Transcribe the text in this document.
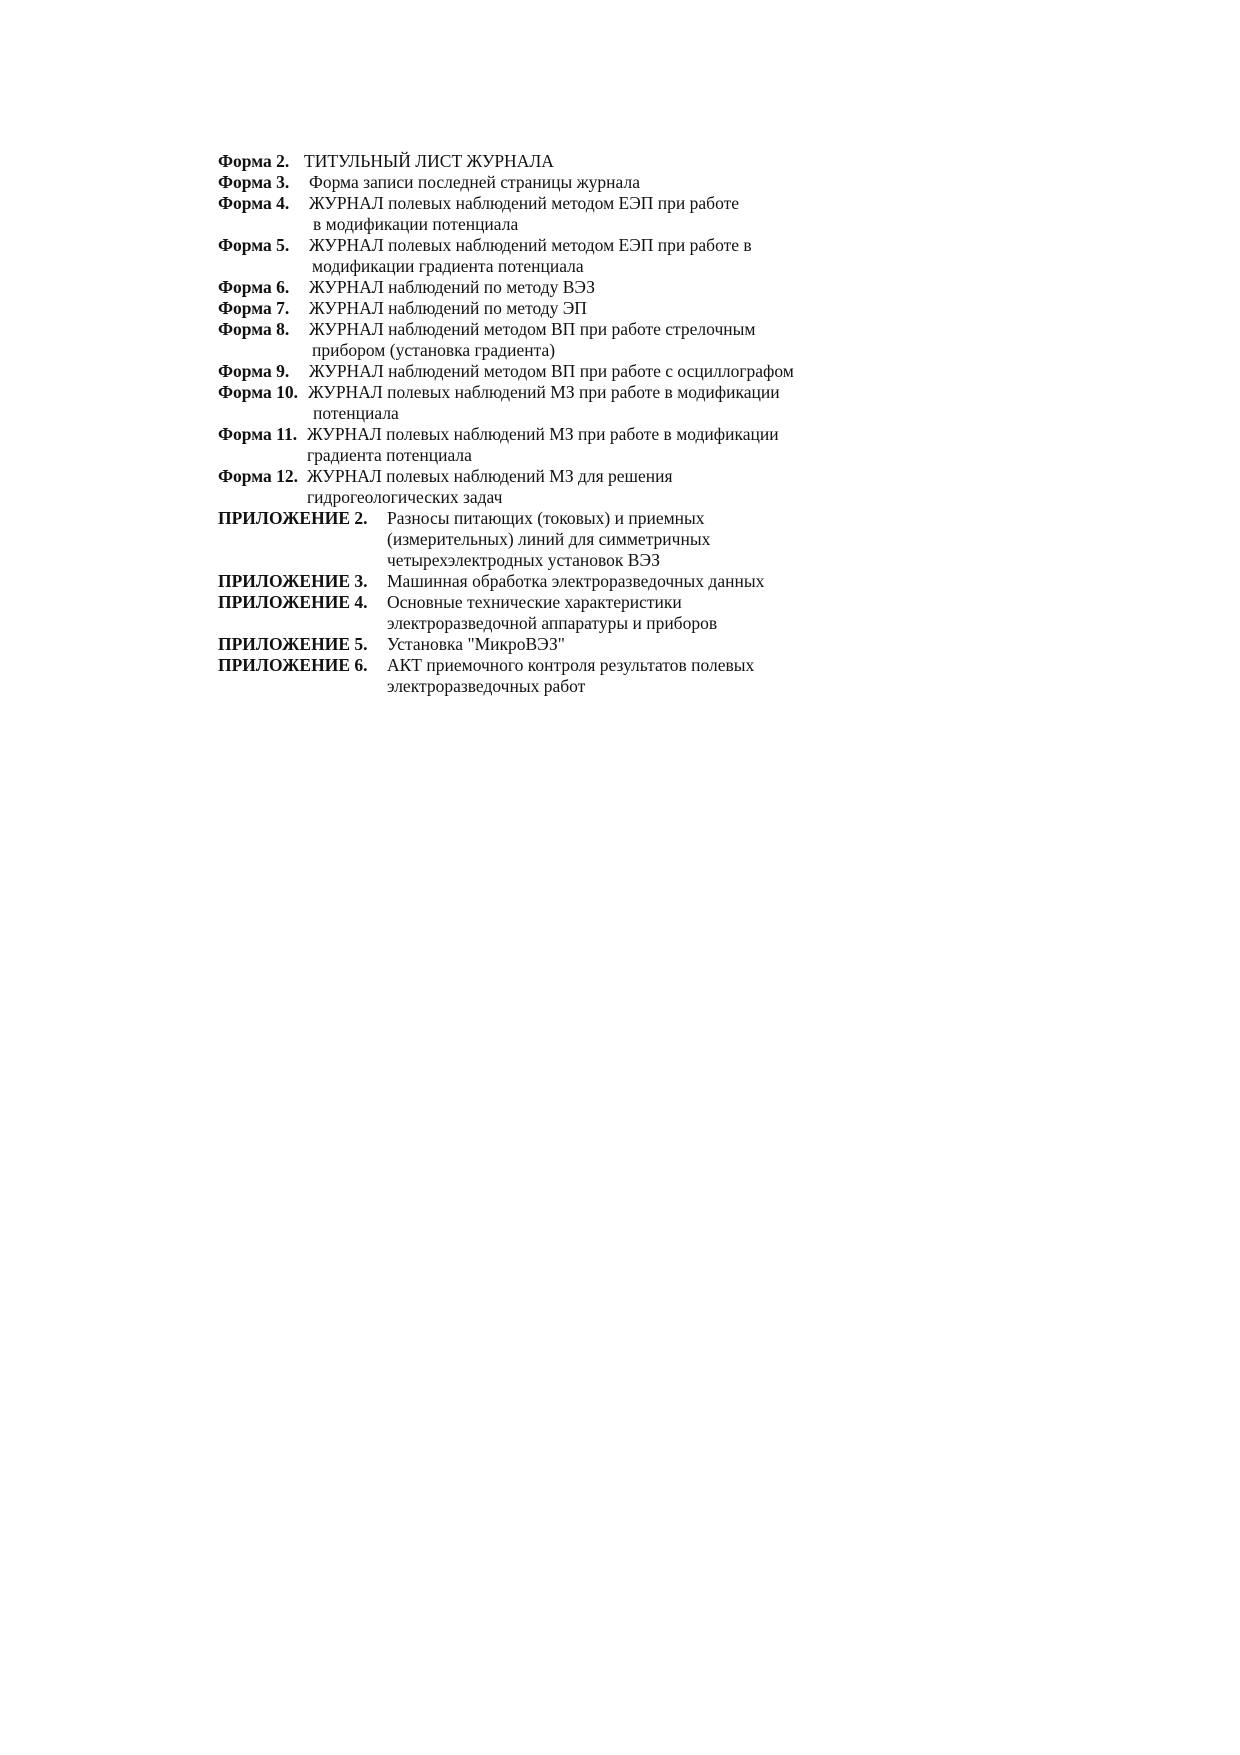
Форма 2. ТИТУЛЬНЫЙ ЛИСТ ЖУРНАЛА
Форма 3. Форма записи последней страницы журнала
Форма 4. ЖУРНАЛ полевых наблюдений методом ЕЭП при работе
в модификации потенциала
Форма 5. ЖУРНАЛ полевых наблюдений методом ЕЭП при работе в
модификации градиента потенциала
Форма 6. ЖУРНАЛ наблюдений по методу ВЭЗ
Форма 7. ЖУРНАЛ наблюдений по методу ЭП
Форма 8. ЖУРНАЛ наблюдений методом ВП при работе стрелочным
прибором (установка градиента)
Форма 9. ЖУРНАЛ наблюдений методом ВП при работе с осциллографом
Форма 10. ЖУРНАЛ полевых наблюдений МЗ при работе в модификации
потенциала
Форма 11. ЖУРНАЛ полевых наблюдений МЗ при работе в модификации
градиента потенциала
Форма 12. ЖУРНАЛ полевых наблюдений МЗ для решения
гидрогеологических задач
ПРИЛОЖЕНИЕ 2. Разносы питающих (токовых) и приемных
(измерительных) линий для симметричных
четырехэлектродных установок ВЭЗ
ПРИЛОЖЕНИЕ 3. Машинная обработка электроразведочных данных
ПРИЛОЖЕНИЕ 4. Основные технические характеристики
электроразведочной аппаратуры и приборов
ПРИЛОЖЕНИЕ 5. Установка "МикроВЭЗ"
ПРИЛОЖЕНИЕ 6. АКТ приемочного контроля результатов полевых
электроразведочных работ
